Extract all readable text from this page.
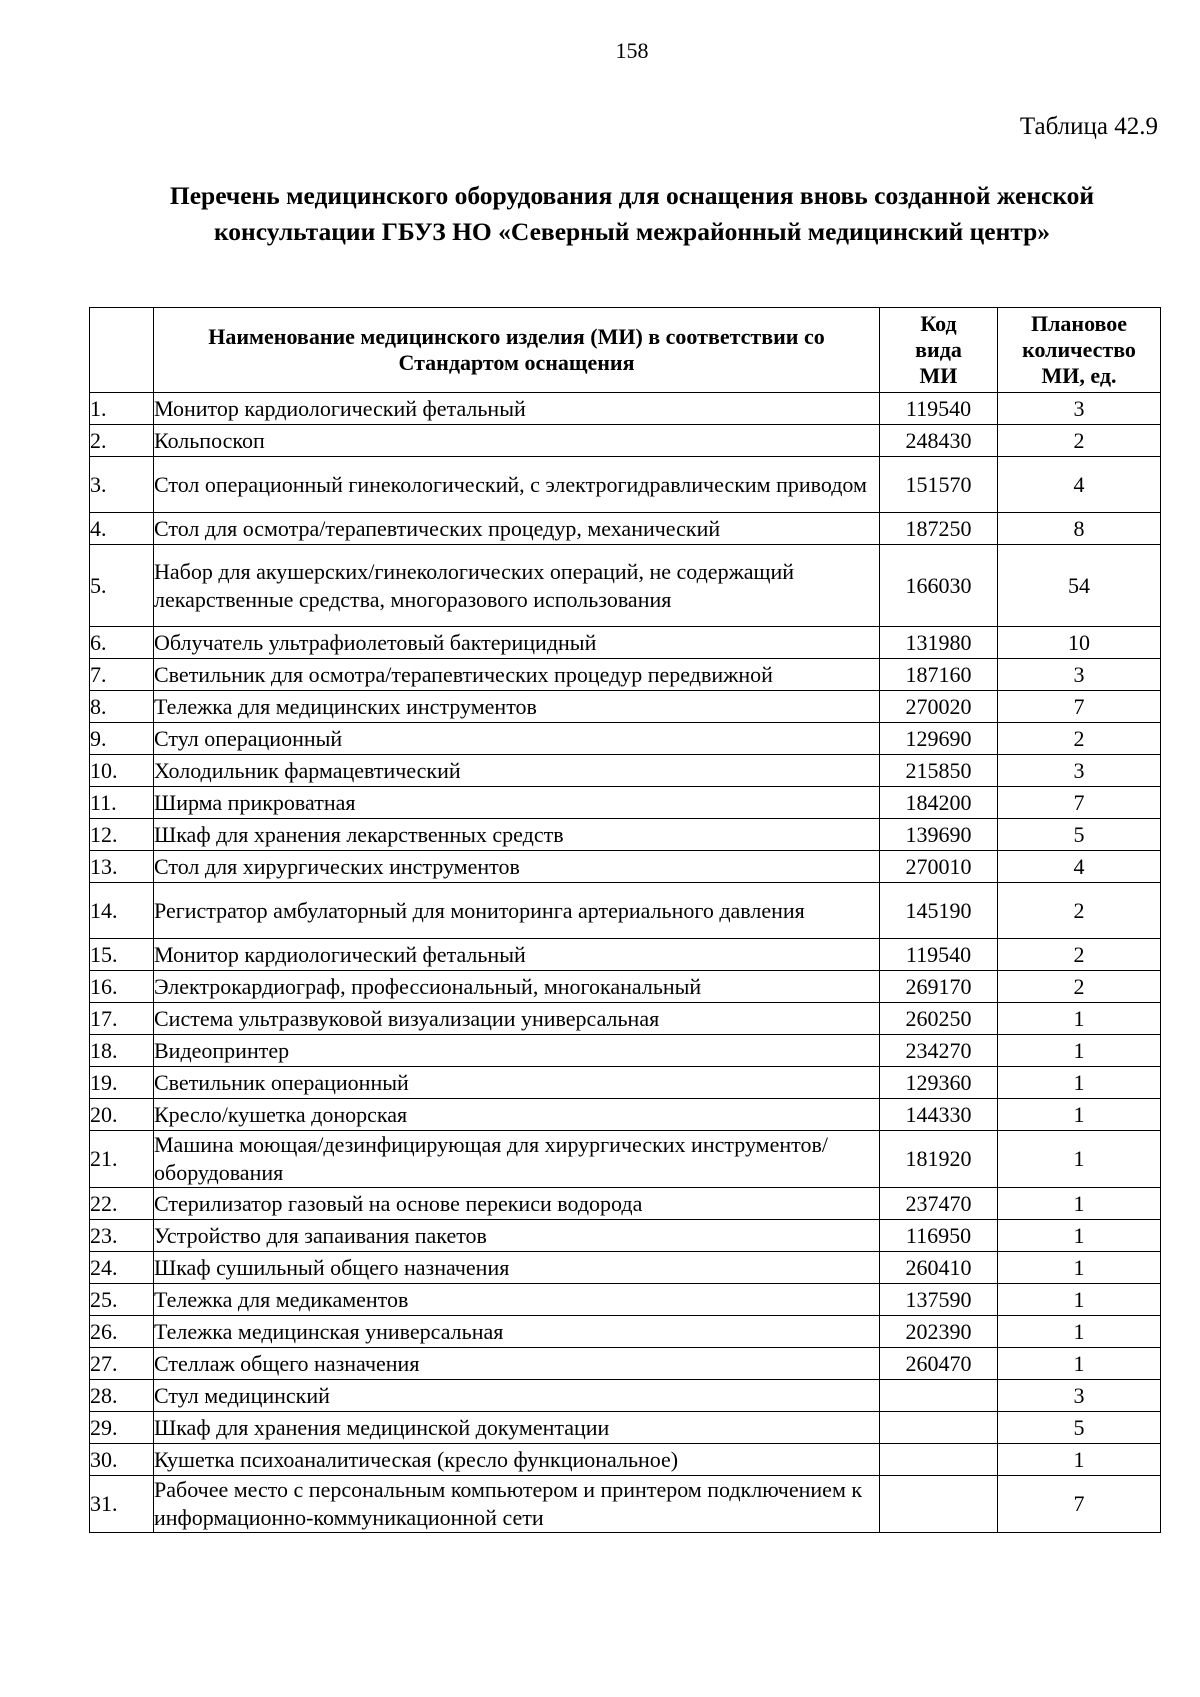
158
Таблица 42.9
Перечень медицинского оборудования для оснащения вновь созданной женской консультации ГБУЗ НО «Северный межрайонный медицинский центр»
	Наименование медицинского изделия (МИ) в соответствии со Стандартом оснащения	Код вида МИ	Плановое количество МИ, ед.
1.	Монитор кардиологический фетальный	119540	3
2.	Кольпоскоп	248430	2
3.	Стол операционный гинекологический, с электрогидравлическим приводом	151570	4
4.	Стол для осмотра/терапевтических процедур, механический	187250	8
5.	Набор для акушерских/гинекологических операций, не содержащий лекарственные средства, многоразового использования	166030	54
6.	Облучатель ультрафиолетовый бактерицидный	131980	10
7.	Светильник для осмотра/терапевтических процедур передвижной	187160	3
8.	Тележка для медицинских инструментов	270020	7
9.	Стул операционный	129690	2
10.	Холодильник фармацевтический	215850	3
11.	Ширма прикроватная	184200	7
12.	Шкаф для хранения лекарственных средств	139690	5
13.	Стол для хирургических инструментов	270010	4
14.	Регистратор амбулаторный для мониторинга артериального давления	145190	2
15.	Монитор кардиологический фетальный	119540	2
16.	Электрокардиограф, профессиональный, многоканальный	269170	2
17.	Система ультразвуковой визуализации универсальная	260250	1
18.	Видеопринтер	234270	1
19.	Светильник операционный	129360	1
20.	Кресло/кушетка донорская	144330	1
21.	Машина моющая/дезинфицирующая для хирургических инструментов/оборудования	181920	1
22.	Стерилизатор газовый на основе перекиси водорода	237470	1
23.	Устройство для запаивания пакетов	116950	1
24.	Шкаф сушильный общего назначения	260410	1
25.	Тележка для медикаментов	137590	1
26.	Тележка медицинская универсальная	202390	1
27.	Стеллаж общего назначения	260470	1
28.	Стул медицинский		3
29.	Шкаф для хранения медицинской документации		5
30.	Кушетка психоаналитическая (кресло функциональное)		1
31.	Рабочее место с персональным компьютером и принтером подключением к информационно-коммуникационной сети		7
